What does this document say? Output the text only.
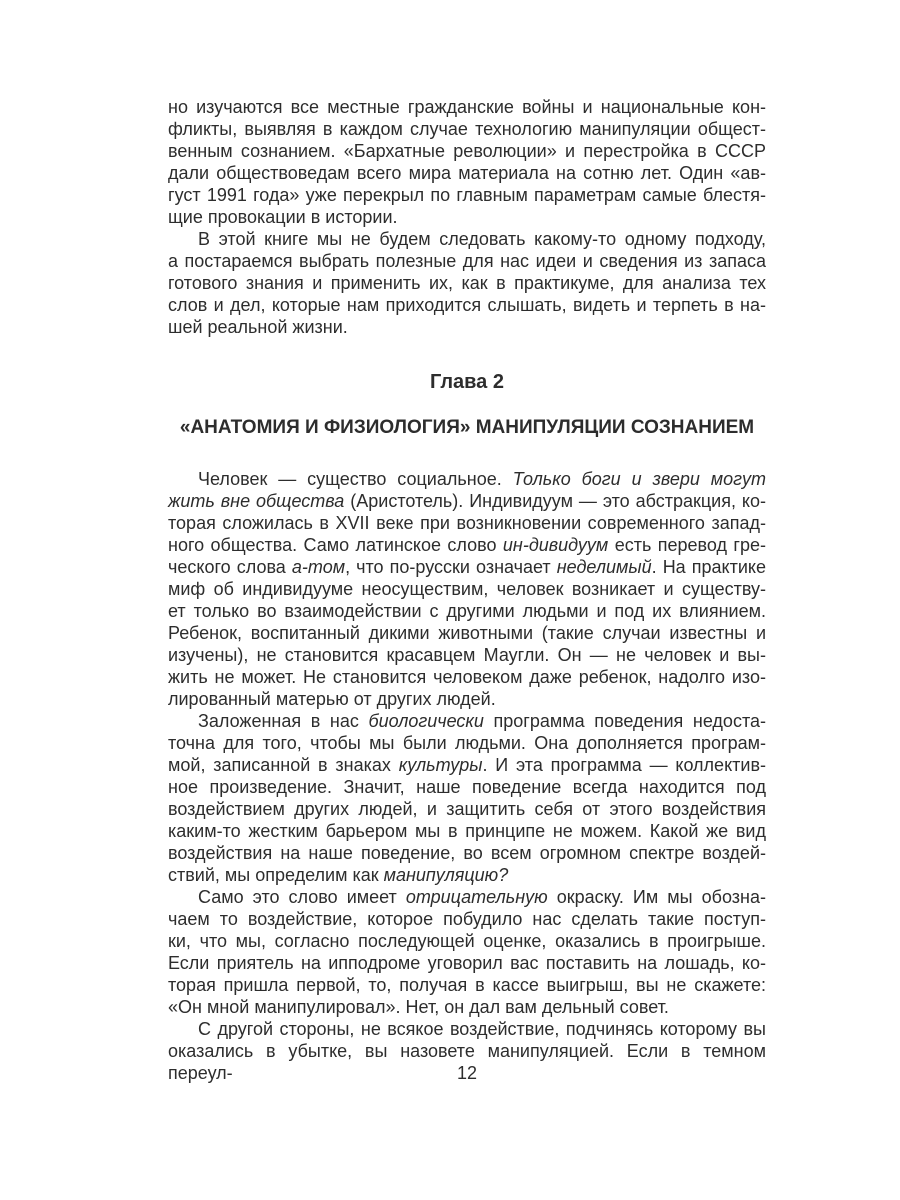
но изучаются все местные гражданские войны и национальные кон-
фликты, выявляя в каждом случае технологию манипуляции общест-
венным сознанием. «Бархатные революции» и перестройка в СССР
дали обществоведам всего мира материала на сотню лет. Один «ав-
густ 1991 года» уже перекрыл по главным параметрам самые блестя-
щие провокации в истории.
В этой книге мы не будем следовать какому-то одному подходу,
а постараемся выбрать полезные для нас идеи и сведения из запаса
готового знания и применить их, как в практикуме, для анализа тех
слов и дел, которые нам приходится слышать, видеть и терпеть в на-
шей реальной жизни.
Глава 2
«АНАТОМИЯ И ФИЗИОЛОГИЯ» МАНИПУЛЯЦИИ СОЗНАНИЕМ
Человек — существо социальное. Только боги и звери могут
жить вне общества (Аристотель). Индивидуум — это абстракция, ко-
торая сложилась в XVII веке при возникновении современного запад-
ного общества. Само латинское слово ин-дивидуум есть перевод гре-
ческого слова а-том, что по-русски означает неделимый. На практике
миф об индивидууме неосуществим, человек возникает и существу-
ет только во взаимодействии с другими людьми и под их влиянием.
Ребенок, воспитанный дикими животными (такие случаи известны и
изучены), не становится красавцем Маугли. Он — не человек и вы-
жить не может. Не становится человеком даже ребенок, надолго изо-
лированный матерью от других людей.
Заложенная в нас биологически программа поведения недоста-
точна для того, чтобы мы были людьми. Она дополняется програм-
мой, записанной в знаках культуры. И эта программа — коллектив-
ное произведение. Значит, наше поведение всегда находится под
воздействием других людей, и защитить себя от этого воздействия
каким-то жестким барьером мы в принципе не можем. Какой же вид
воздействия на наше поведение, во всем огромном спектре воздей-
ствий, мы определим как манипуляцию?
Само это слово имеет отрицательную окраску. Им мы обозна-
чаем то воздействие, которое побудило нас сделать такие поступ-
ки, что мы, согласно последующей оценке, оказались в проигрыше.
Если приятель на ипподроме уговорил вас поставить на лошадь, ко-
торая пришла первой, то, получая в кассе выигрыш, вы не скажете:
«Он мной манипулировал». Нет, он дал вам дельный совет.
С другой стороны, не всякое воздействие, подчинясь которому вы
оказались в убытке, вы назовете манипуляцией. Если в темном переул-	12
